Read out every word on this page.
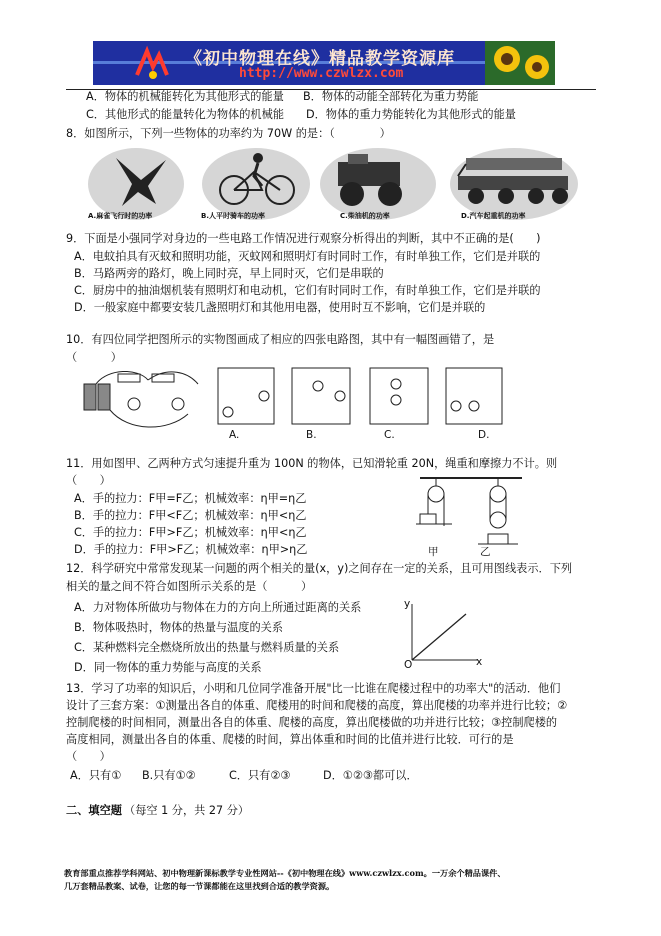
《初中物理在线》精品教学资源库
http://www.czwlzx.com
A．物体的机械能转化为其他形式的能量 B．物体的动能全部转化为重力势能
C．其他形式的能量转化为物体的机械能 D．物体的重力势能转化为其他形式的能量
8．如图所示，下列一些物体的功率约为 70W 的是：（　　　　）
A.麻雀飞行时的功率	B.人平时骑车的功率	C.柴油机的功率	D.汽车起重机的功率
9．下面是小强同学对身边的一些电路工作情况进行观察分析得出的判断，其中不正确的是(　　)
A．电蚊拍具有灭蚊和照明功能，灭蚊网和照明灯有时同时工作，有时单独工作，它们是并联的
B．马路两旁的路灯，晚上同时亮，早上同时灭，它们是串联的
C．厨房中的抽油烟机装有照明灯和电动机，它们有时同时工作，有时单独工作，它们是并联的
D．一般家庭中都要安装几盏照明灯和其他用电器，使用时互不影响，它们是并联的
10．有四位同学把图所示的实物图画成了相应的四张电路图，其中有一幅图画错了，是
（　　　）
A.	B.	C.	D.
11．用如图甲、乙两种方式匀速提升重为 100N 的物体，已知滑轮重 20N，绳重和摩擦力不计。则
（　　）
A．手的拉力：F甲=F乙；机械效率：η甲=η乙
B．手的拉力：F甲<F乙；机械效率：η甲<η乙
C．手的拉力：F甲>F乙；机械效率：η甲<η乙
D．手的拉力：F甲>F乙；机械效率：η甲>η乙	甲	乙
12．科学研究中常常发现某一问题的两个相关的量(x，y)之间存在一定的关系，且可用图线表示．下列
相关的量之间不符合如图所示关系的是（　　　）
A．力对物体所做功与物体在力的方向上所通过距离的关系
B．物体吸热时，物体的热量与温度的关系
C．某种燃料完全燃烧所放出的热量与燃料质量的关系
D．同一物体的重力势能与高度的关系
y
x
O
13．学习了功率的知识后，小明和几位同学准备开展"比一比谁在爬楼过程中的功率大"的活动．他们
设计了三套方案：①测量出各自的体重、爬楼用的时间和爬楼的高度，算出爬楼的功率并进行比较；②
控制爬楼的时间相同，测量出各自的体重、爬楼的高度，算出爬楼做的功并进行比较；③控制爬楼的
高度相同，测量出各自的体重、爬楼的时间，算出体重和时间的比值并进行比较．可行的是
（　　）
A．只有① B.只有①②	C．只有②③	D．①②③都可以．
二、填空题 （每空 1 分，共 27 分）
教育部重点推荐学科网站、初中物理新课标教学专业性网站--《初中物理在线》www.czwlzx.com。一万余个精品课件、
几万套精品教案、试卷，让您的每一节课都能在这里找到合适的教学资源。
